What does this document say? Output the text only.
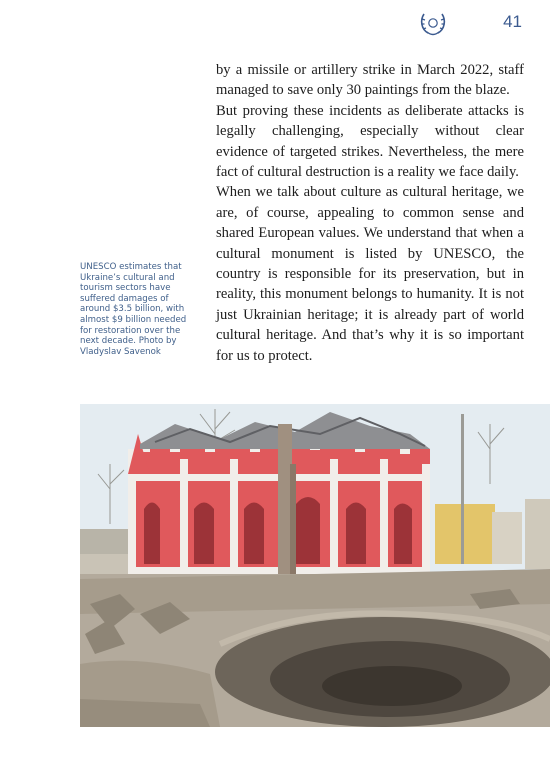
41

by a missile or artillery strike in March 2022, staff managed to save only 30 paintings from the blaze.

But proving these incidents as deliberate attacks is legally challenging, especially without clear evidence of targeted strikes. Nevertheless, the mere fact of cultural destruction is a reality we face daily.

When we talk about culture as cultural heritage, we are, of course, appealing to common sense and shared European values. We understand that when a cultural monument is listed by UNESCO, the country is responsible for its preservation, but in reality, this monument belongs to humanity. It is not just Ukrainian heritage; it is already part of world cultural heritage. And that’s why it is so important for us to protect.

UNESCO estimates that Ukraine’s cultural and tourism sectors have suffered damages of around $3.5 billion, with almost $9 billion needed for restoration over the next decade. Photo by Vladyslav Savenok
